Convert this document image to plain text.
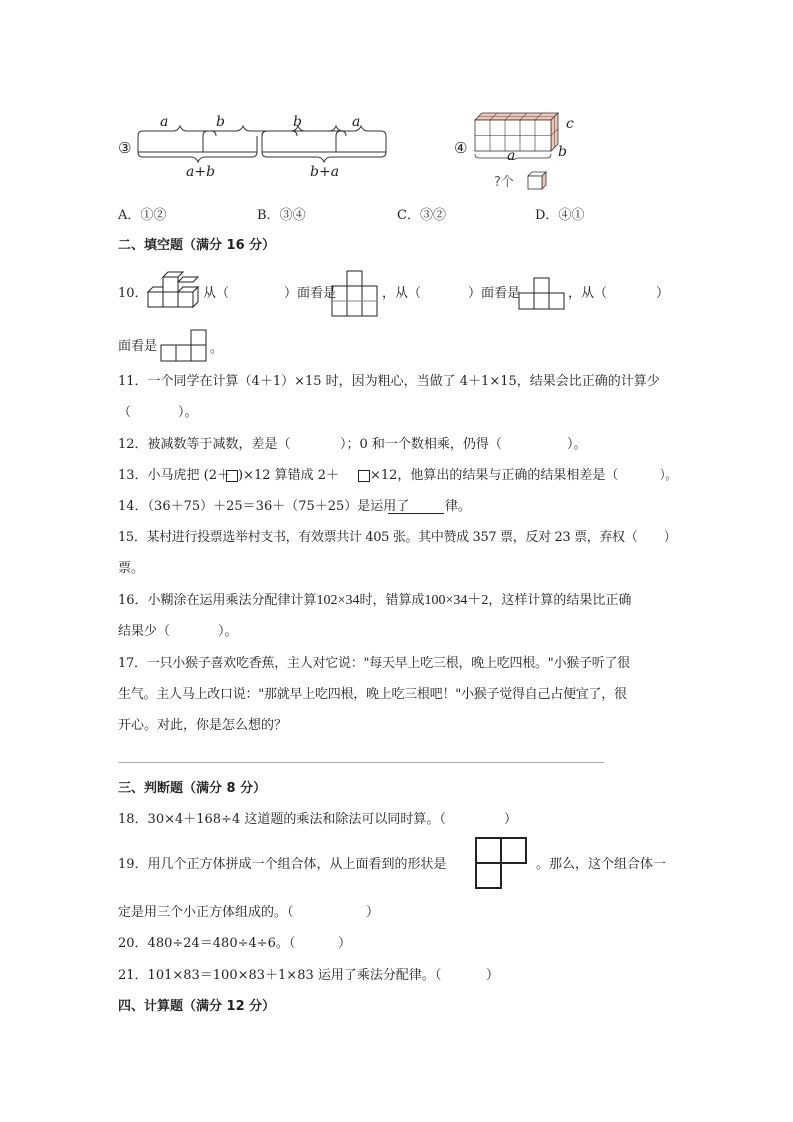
③
a	b
a+b
b	a
b+a
④
c
b
a
?个
A．①②	B．③④	C．③②	D．④①
二、填空题（满分 16 分）
10．	从（	）面看是	，从（	）面看是	，从（	）
面看是	。
11．一个同学在计算（4＋1）×15 时，因为粗心，当做了 4＋1×15，结果会比正确的计算少
（	）。
12．被减数等于减数，差是（	）；0 和一个数相乘，仍得（	）。
13．小马虎把 (2＋ )×12 算错成 2＋ ×12，他算出的结果与正确的结果相差是（	）。
14．（36＋75）＋25＝36＋（75＋25）是运用了	律。
15．某村进行投票选举村支书，有效票共计 405 张。其中赞成 357 票，反对 23 票，弃权（ ）
票。
16．小糊涂在运用乘法分配律计算102×34时，错算成100×34＋2，这样计算的结果比正确
结果少（	）。
17．一只小猴子喜欢吃香蕉，主人对它说："每天早上吃三根，晚上吃四根。"小猴子听了很
生气。主人马上改口说："那就早上吃四根，晚上吃三根吧！"小猴子觉得自己占便宜了，很
开心。对此，你是怎么想的？
三、判断题（满分 8 分）
18．30×4＋168÷4 这道题的乘法和除法可以同时算。（	）
19．用几个正方体拼成一个组合体，从上面看到的形状是	。那么，这个组合体一
定是用三个小正方体组成的。（	）
20．480÷24＝480÷4÷6。（	）
21．101×83＝100×83＋1×83 运用了乘法分配律。（	）
四、计算题（满分 12 分）
